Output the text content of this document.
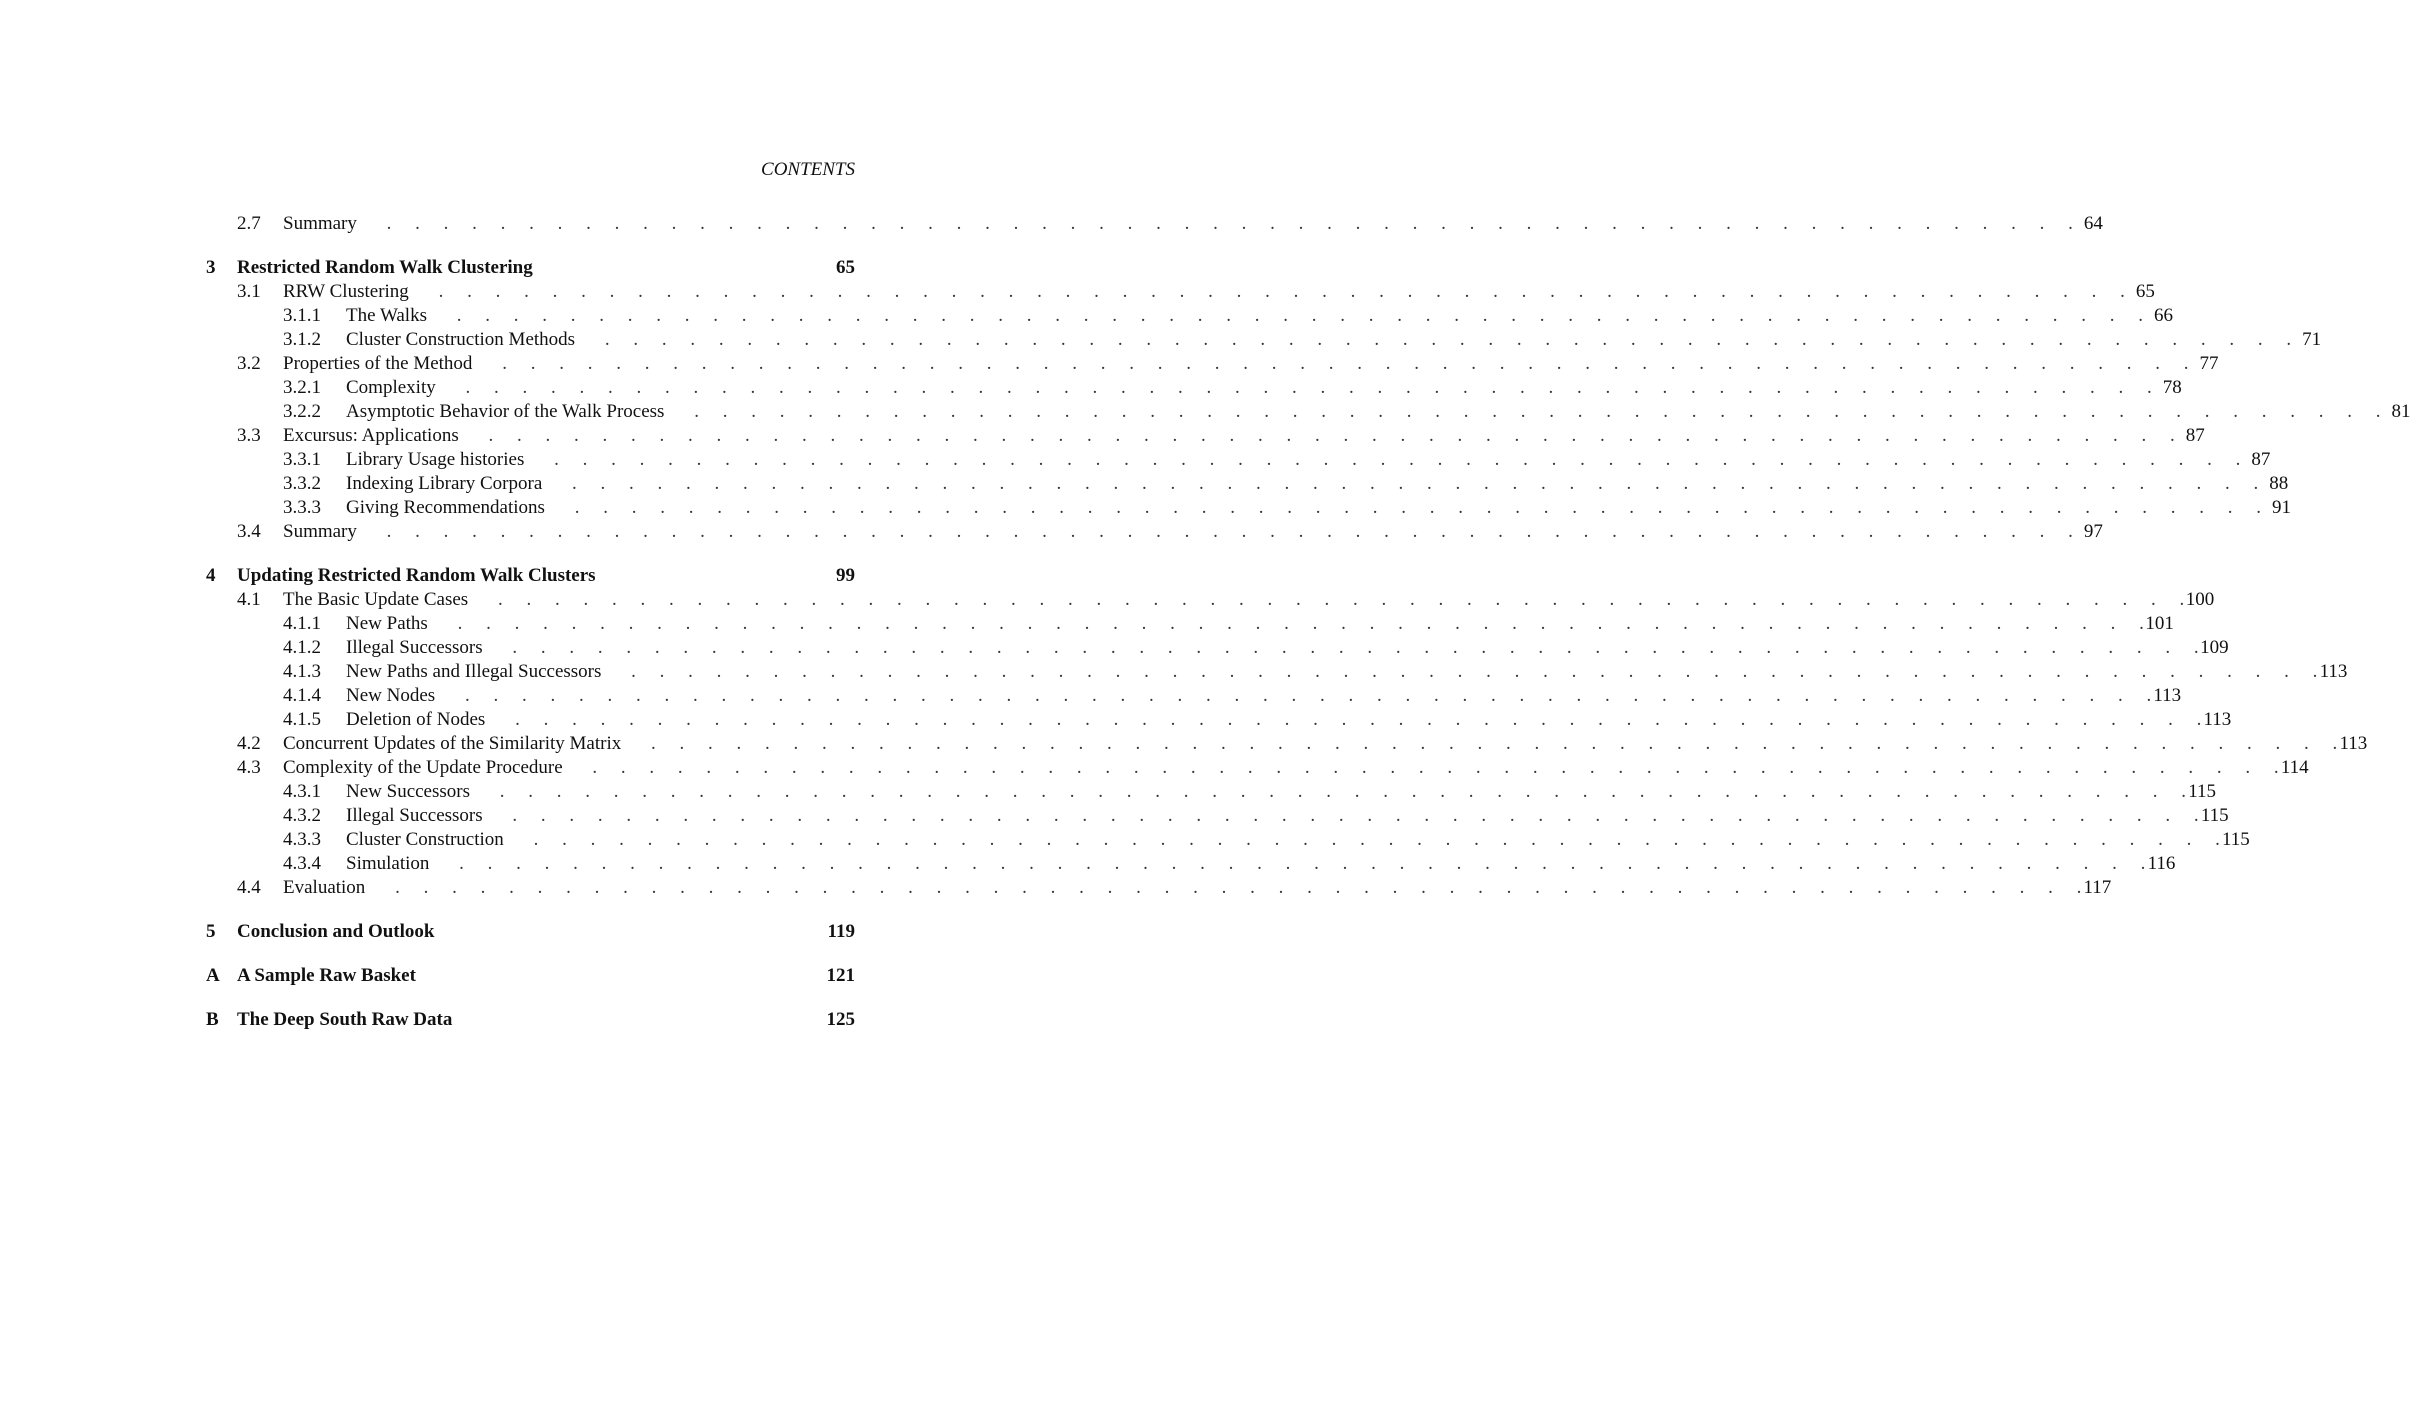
CONTENTS
2.7 Summary .     .     .     .     .     .     .     .     .     .     .     .     .     .     .     .     .     .     .     .     .     .     .     .     .     .     .     .     .     .     .     .     .     .     .     .     .     .     .     .     .     .     .     .     .     .     .     .     .     .     .     .     .     .     .     .     .     .     .     . 64
3 Restricted Random Walk Clustering	65
3.1 RRW Clustering .     .     .     .     .     .     .     .     .     .     .     .     .     .     .     .     .     .     .     .     .     .     .     .     .     .     .     .     .     .     .     .     .     .     .     .     .     .     .     .     .     .     .     .     .     .     .     .     .     .     .     .     .     .     .     .     .     .     .     . 65
3.1.1 The Walks .     .     .     .     .     .     .     .     .     .     .     .     .     .     .     .     .     .     .     .     .     .     .     .     .     .     .     .     .     .     .     .     .     .     .     .     .     .     .     .     .     .     .     .     .     .     .     .     .     .     .     .     .     .     .     .     .     .     .     . 66
3.1.2 Cluster Construction Methods .     .     .     .     .     .     .     .     .     .     .     .     .     .     .     .     .     .     .     .     .     .     .     .     .     .     .     .     .     .     .     .     .     .     .     .     .     .     .     .     .     .     .     .     .     .     .     .     .     .     .     .     .     .     .     .     .     .     .     . 71
3.2 Properties of the Method .     .     .     .     .     .     .     .     .     .     .     .     .     .     .     .     .     .     .     .     .     .     .     .     .     .     .     .     .     .     .     .     .     .     .     .     .     .     .     .     .     .     .     .     .     .     .     .     .     .     .     .     .     .     .     .     .     .     .     . 77
3.2.1 Complexity .     .     .     .     .     .     .     .     .     .     .     .     .     .     .     .     .     .     .     .     .     .     .     .     .     .     .     .     .     .     .     .     .     .     .     .     .     .     .     .     .     .     .     .     .     .     .     .     .     .     .     .     .     .     .     .     .     .     .     . 78
3.2.2 Asymptotic Behavior of the Walk Process .     .     .     .     .     .     .     .     .     .     .     .     .     .     .     .     .     .     .     .     .     .     .     .     .     .     .     .     .     .     .     .     .     .     .     .     .     .     .     .     .     .     .     .     .     .     .     .     .     .     .     .     .     .     .     .     .     .     .     . 81
3.3 Excursus: Applications .     .     .     .     .     .     .     .     .     .     .     .     .     .     .     .     .     .     .     .     .     .     .     .     .     .     .     .     .     .     .     .     .     .     .     .     .     .     .     .     .     .     .     .     .     .     .     .     .     .     .     .     .     .     .     .     .     .     .     . 87
3.3.1 Library Usage histories .     .     .     .     .     .     .     .     .     .     .     .     .     .     .     .     .     .     .     .     .     .     .     .     .     .     .     .     .     .     .     .     .     .     .     .     .     .     .     .     .     .     .     .     .     .     .     .     .     .     .     .     .     .     .     .     .     .     .     . 87
3.3.2 Indexing Library Corpora .     .     .     .     .     .     .     .     .     .     .     .     .     .     .     .     .     .     .     .     .     .     .     .     .     .     .     .     .     .     .     .     .     .     .     .     .     .     .     .     .     .     .     .     .     .     .     .     .     .     .     .     .     .     .     .     .     .     .     . 88
3.3.3 Giving Recommendations .     .     .     .     .     .     .     .     .     .     .     .     .     .     .     .     .     .     .     .     .     .     .     .     .     .     .     .     .     .     .     .     .     .     .     .     .     .     .     .     .     .     .     .     .     .     .     .     .     .     .     .     .     .     .     .     .     .     .     . 91
3.4 Summary .     .     .     .     .     .     .     .     .     .     .     .     .     .     .     .     .     .     .     .     .     .     .     .     .     .     .     .     .     .     .     .     .     .     .     .     .     .     .     .     .     .     .     .     .     .     .     .     .     .     .     .     .     .     .     .     .     .     .     . 97
4 Updating Restricted Random Walk Clusters	99
4.1 The Basic Update Cases .     .     .     .     .     .     .     .     .     .     .     .     .     .     .     .     .     .     .     .     .     .     .     .     .     .     .     .     .     .     .     .     .     .     .     .     .     .     .     .     .     .     .     .     .     .     .     .     .     .     .     .     .     .     .     .     .     .     .     . 100
4.1.1 New Paths .     .     .     .     .     .     .     .     .     .     .     .     .     .     .     .     .     .     .     .     .     .     .     .     .     .     .     .     .     .     .     .     .     .     .     .     .     .     .     .     .     .     .     .     .     .     .     .     .     .     .     .     .     .     .     .     .     .     .     . 101
4.1.2 Illegal Successors .     .     .     .     .     .     .     .     .     .     .     .     .     .     .     .     .     .     .     .     .     .     .     .     .     .     .     .     .     .     .     .     .     .     .     .     .     .     .     .     .     .     .     .     .     .     .     .     .     .     .     .     .     .     .     .     .     .     .     . 109
4.1.3 New Paths and Illegal Successors .     .     .     .     .     .     .     .     .     .     .     .     .     .     .     .     .     .     .     .     .     .     .     .     .     .     .     .     .     .     .     .     .     .     .     .     .     .     .     .     .     .     .     .     .     .     .     .     .     .     .     .     .     .     .     .     .     .     .     . 113
4.1.4 New Nodes .     .     .     .     .     .     .     .     .     .     .     .     .     .     .     .     .     .     .     .     .     .     .     .     .     .     .     .     .     .     .     .     .     .     .     .     .     .     .     .     .     .     .     .     .     .     .     .     .     .     .     .     .     .     .     .     .     .     .     . 113
4.1.5 Deletion of Nodes .     .     .     .     .     .     .     .     .     .     .     .     .     .     .     .     .     .     .     .     .     .     .     .     .     .     .     .     .     .     .     .     .     .     .     .     .     .     .     .     .     .     .     .     .     .     .     .     .     .     .     .     .     .     .     .     .     .     .     . 113
4.2 Concurrent Updates of the Similarity Matrix .     .     .     .     .     .     .     .     .     .     .     .     .     .     .     .     .     .     .     .     .     .     .     .     .     .     .     .     .     .     .     .     .     .     .     .     .     .     .     .     .     .     .     .     .     .     .     .     .     .     .     .     .     .     .     .     .     .     .     . 113
4.3 Complexity of the Update Procedure .     .     .     .     .     .     .     .     .     .     .     .     .     .     .     .     .     .     .     .     .     .     .     .     .     .     .     .     .     .     .     .     .     .     .     .     .     .     .     .     .     .     .     .     .     .     .     .     .     .     .     .     .     .     .     .     .     .     .     . 114
4.3.1 New Successors .     .     .     .     .     .     .     .     .     .     .     .     .     .     .     .     .     .     .     .     .     .     .     .     .     .     .     .     .     .     .     .     .     .     .     .     .     .     .     .     .     .     .     .     .     .     .     .     .     .     .     .     .     .     .     .     .     .     .     . 115
4.3.2 Illegal Successors .     .     .     .     .     .     .     .     .     .     .     .     .     .     .     .     .     .     .     .     .     .     .     .     .     .     .     .     .     .     .     .     .     .     .     .     .     .     .     .     .     .     .     .     .     .     .     .     .     .     .     .     .     .     .     .     .     .     .     . 115
4.3.3 Cluster Construction .     .     .     .     .     .     .     .     .     .     .     .     .     .     .     .     .     .     .     .     .     .     .     .     .     .     .     .     .     .     .     .     .     .     .     .     .     .     .     .     .     .     .     .     .     .     .     .     .     .     .     .     .     .     .     .     .     .     .     . 115
4.3.4 Simulation .     .     .     .     .     .     .     .     .     .     .     .     .     .     .     .     .     .     .     .     .     .     .     .     .     .     .     .     .     .     .     .     .     .     .     .     .     .     .     .     .     .     .     .     .     .     .     .     .     .     .     .     .     .     .     .     .     .     .     . 116
4.4 Evaluation .     .     .     .     .     .     .     .     .     .     .     .     .     .     .     .     .     .     .     .     .     .     .     .     .     .     .     .     .     .     .     .     .     .     .     .     .     .     .     .     .     .     .     .     .     .     .     .     .     .     .     .     .     .     .     .     .     .     .     . 117
5 Conclusion and Outlook	119
A A Sample Raw Basket	121
B The Deep South Raw Data	125
